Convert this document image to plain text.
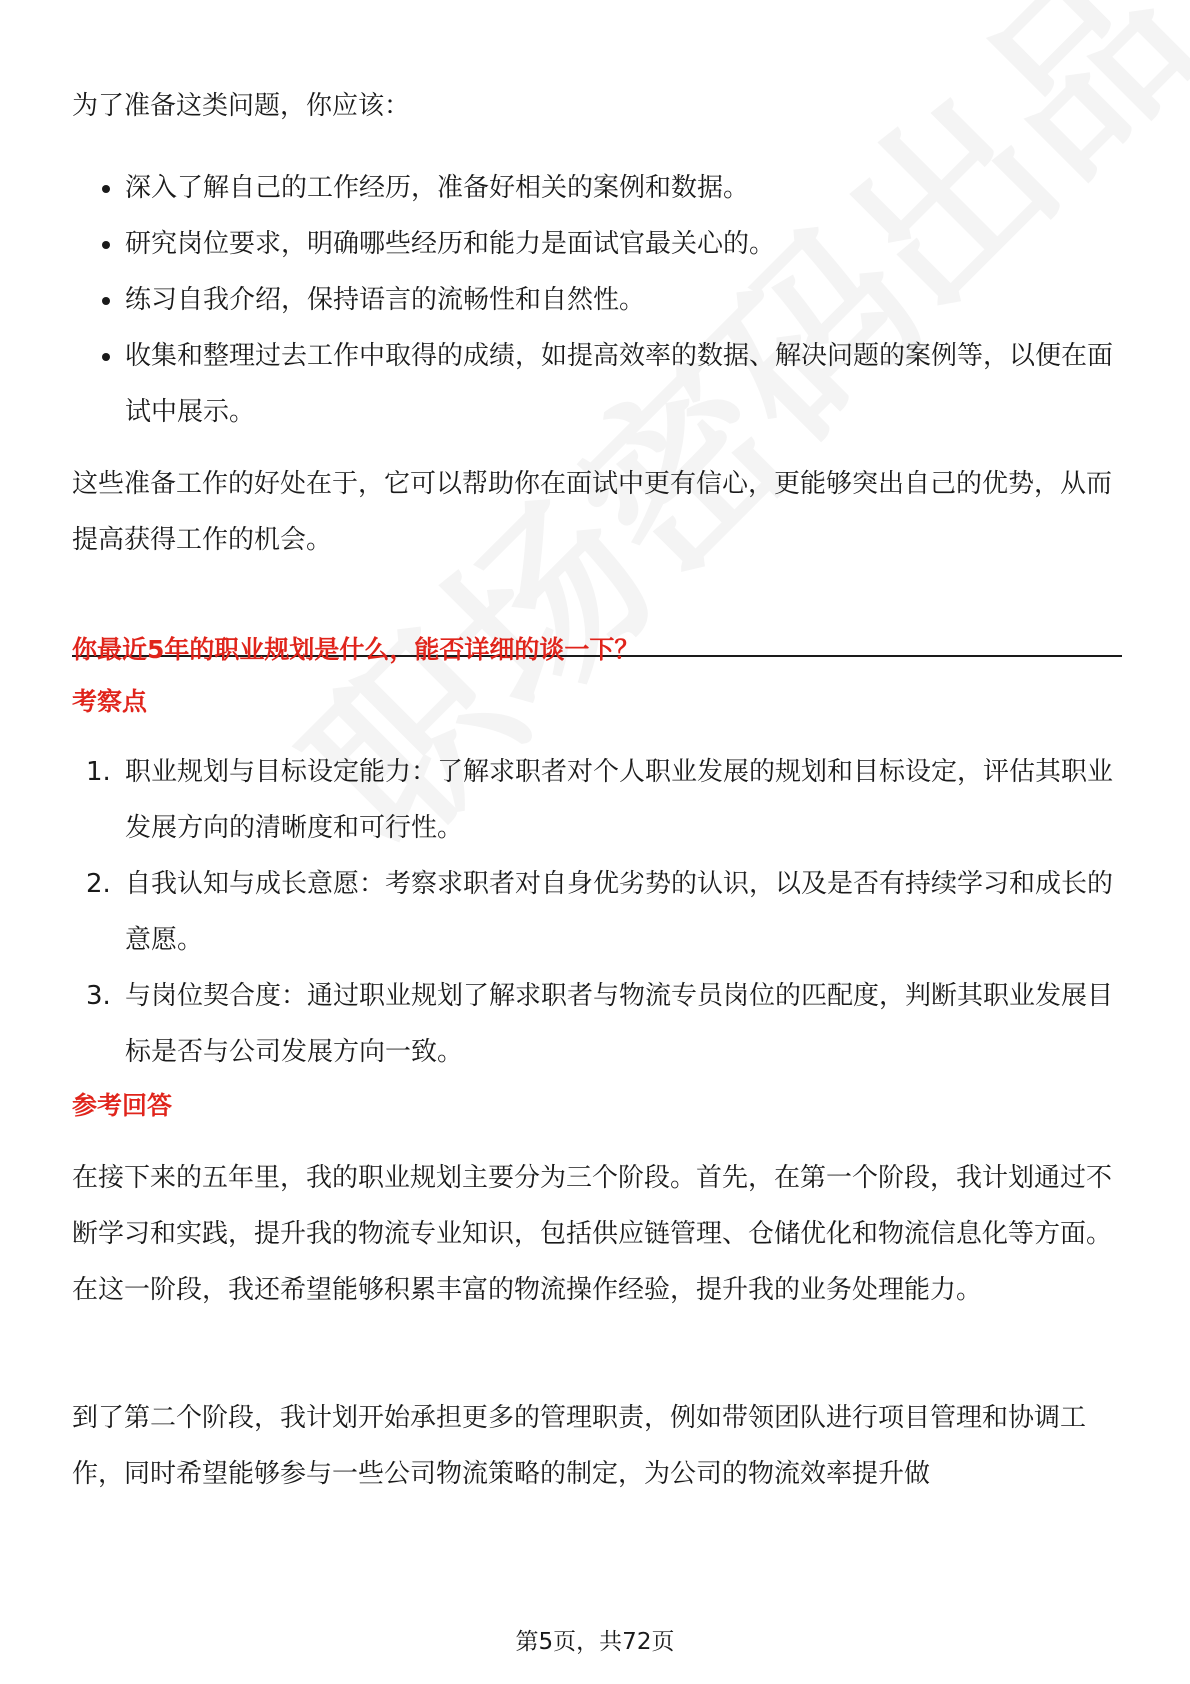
为了准备这类问题，你应该：

深入了解自己的工作经历，准备好相关的案例和数据。
研究岗位要求，明确哪些经历和能力是面试官最关心的。
练习自我介绍，保持语言的流畅性和自然性。
收集和整理过去工作中取得的成绩，如提高效率的数据、解决问题的案例等，以便在面试中展示。

这些准备工作的好处在于，它可以帮助你在面试中更有信心，更能够突出自己的优势，从而提高获得工作的机会。

你最近5年的职业规划是什么，能否详细的谈一下？
考察点
1. 职业规划与目标设定能力：了解求职者对个人职业发展的规划和目标设定，评估其职业发展方向的清晰度和可行性。
2. 自我认知与成长意愿：考察求职者对自身优劣势的认识，以及是否有持续学习和成长的意愿。
3. 与岗位契合度：通过职业规划了解求职者与物流专员岗位的匹配度，判断其职业发展目标是否与公司发展方向一致。
参考回答

在接下来的五年里，我的职业规划主要分为三个阶段。首先，在第一个阶段，我计划通过不断学习和实践，提升我的物流专业知识，包括供应链管理、仓储优化和物流信息化等方面。在这一阶段，我还希望能够积累丰富的物流操作经验，提升我的业务处理能力。

到了第二个阶段，我计划开始承担更多的管理职责，例如带领团队进行项目管理和协调工作，同时希望能够参与一些公司物流策略的制定，为公司的物流效率提升做

第5页，共72页
